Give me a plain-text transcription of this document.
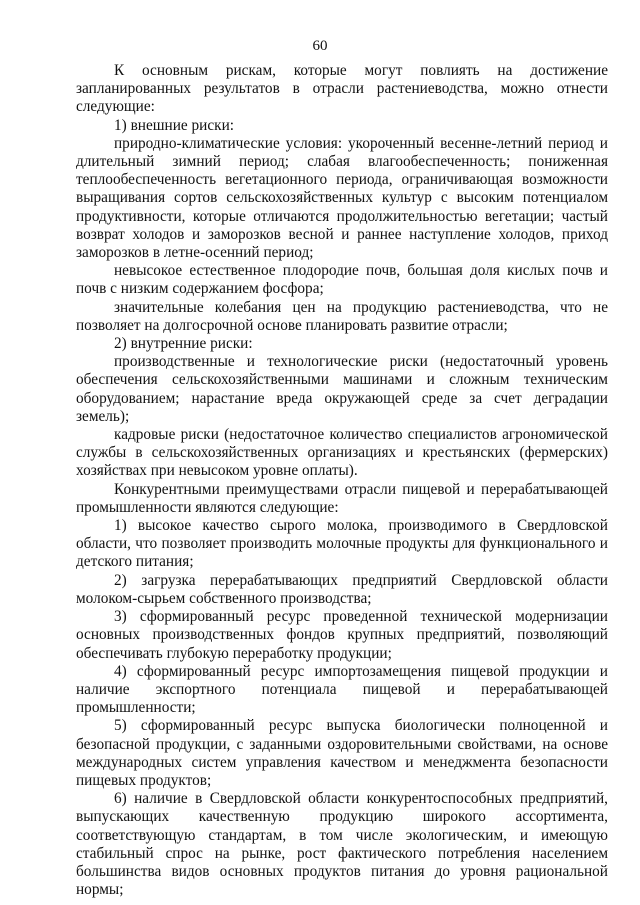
60

К основным рискам, которые могут повлиять на достижение запланированных результатов в отрасли растениеводства, можно отнести следующие:

1) внешние риски:

природно-климатические условия: укороченный весенне-летний период и длительный зимний период; слабая влагообеспеченность; пониженная теплообеспеченность вегетационного периода, ограничивающая возможности выращивания сортов сельскохозяйственных культур с высоким потенциалом продуктивности, которые отличаются продолжительностью вегетации; частый возврат холодов и заморозков весной и раннее наступление холодов, приход заморозков в летне-осенний период;

невысокое естественное плодородие почв, большая доля кислых почв и почв с низким содержанием фосфора;

значительные колебания цен на продукцию растениеводства, что не позволяет на долгосрочной основе планировать развитие отрасли;

2) внутренние риски:

производственные и технологические риски (недостаточный уровень обеспечения сельскохозяйственными машинами и сложным техническим оборудованием; нарастание вреда окружающей среде за счет деградации земель);

кадровые риски (недостаточное количество специалистов агрономической службы в сельскохозяйственных организациях и крестьянских (фермерских) хозяйствах при невысоком уровне оплаты).

Конкурентными преимуществами отрасли пищевой и перерабатывающей промышленности являются следующие:

1) высокое качество сырого молока, производимого в Свердловской области, что позволяет производить молочные продукты для функционального и детского питания;

2) загрузка перерабатывающих предприятий Свердловской области молоком-сырьем собственного производства;

3) сформированный ресурс проведенной технической модернизации основных производственных фондов крупных предприятий, позволяющий обеспечивать глубокую переработку продукции;

4) сформированный ресурс импортозамещения пищевой продукции и наличие экспортного потенциала пищевой и перерабатывающей промышленности;

5) сформированный ресурс выпуска биологически полноценной и безопасной продукции, с заданными оздоровительными свойствами, на основе международных систем управления качеством и менеджмента безопасности пищевых продуктов;

6) наличие в Свердловской области конкурентоспособных предприятий, выпускающих качественную продукцию широкого ассортимента, соответствующую стандартам, в том числе экологическим, и имеющую стабильный спрос на рынке, рост фактического потребления населением большинства видов основных продуктов питания до уровня рациональной нормы;
